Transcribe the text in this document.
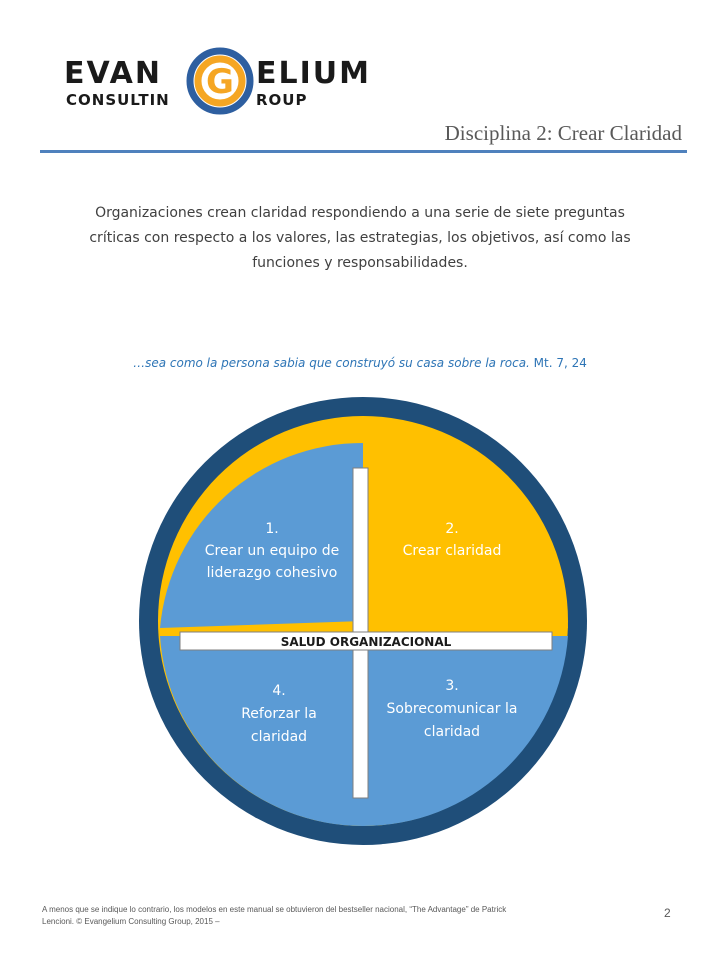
G
EVAN	ELIUM
CONSULTIN	ROUP
Disciplina 2: Crear Claridad
Organizaciones crean claridad respondiendo a una serie de siete preguntas
críticas con respecto a los valores, las estrategias, los objetivos, así como las
funciones y responsabilidades.
…sea como la persona sabia que construyó su casa sobre la roca. Mt. 7, 24
SALUD ORGANIZACIONAL
1.
Crear un equipo de
liderazgo cohesivo
2.
Crear claridad
3.
Sobrecomunicar la
claridad
4.
Reforzar la
claridad
A menos que se indique lo contrario, los modelos en este manual se obtuvieron del bestseller nacional, “The Advantage” de Patrick
Lencioni. © Evangelium Consulting Group, 2015 –
2
